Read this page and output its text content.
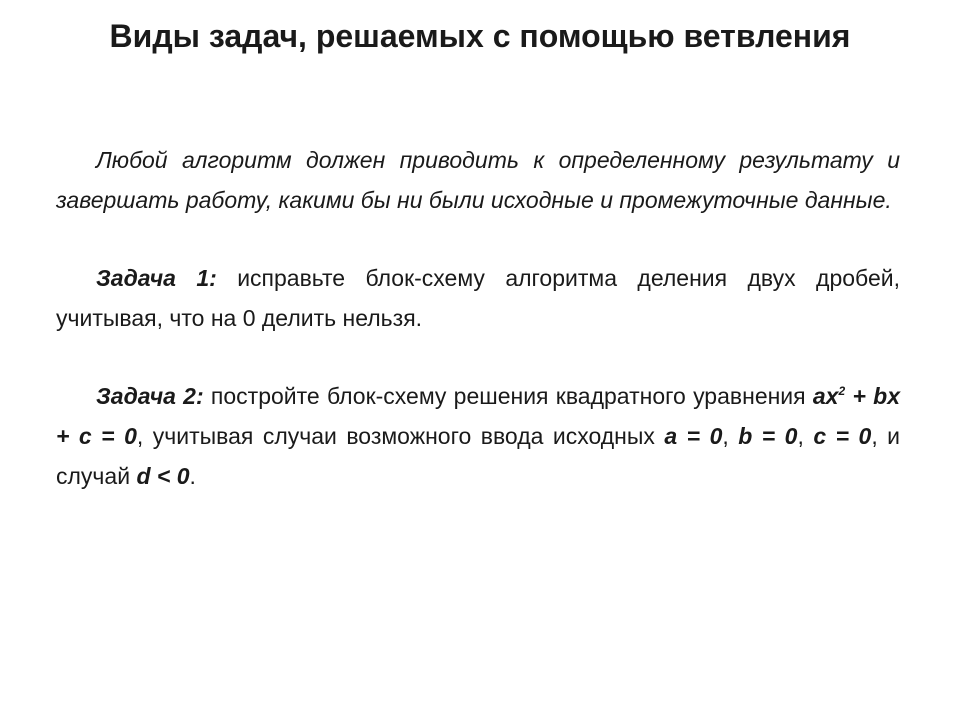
Виды задач, решаемых с помощью ветвления

Любой алгоритм должен приводить к определенному результату и завершать работу, какими бы ни были исходные и промежуточные данные.

Задача 1: исправьте блок-схему алгоритма деления двух дробей, учитывая, что на 0 делить нельзя.

Задача 2: постройте блок-схему решения квадратного уравнения $ax^2$ + bx + c = 0, учитывая случаи возможного ввода исходных a = 0, b = 0, c = 0, и случай d < 0.
